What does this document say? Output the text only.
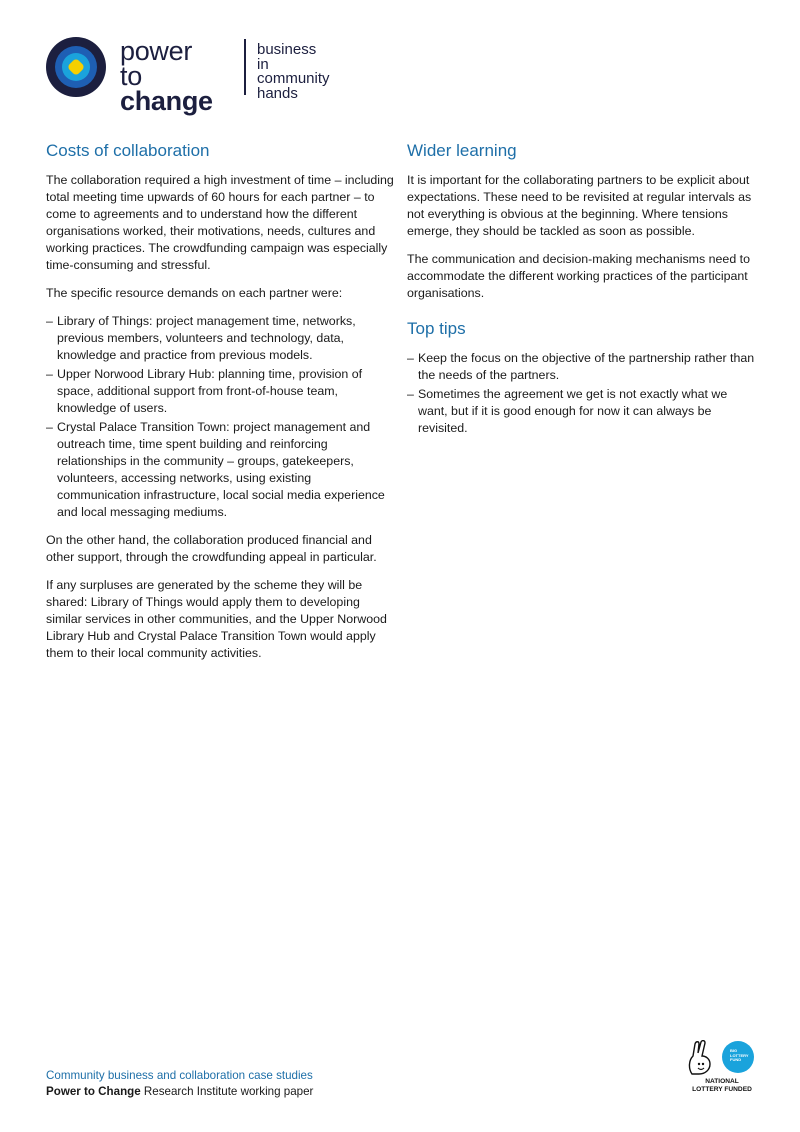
power to
change
business in
community
hands
Costs of collaboration

The collaboration required a high investment of time – including total meeting time upwards of 60 hours for each partner – to come to agreements and to understand how the different organisations worked, their motivations, needs, cultures and working practices. The crowdfunding campaign was especially time-consuming and stressful.

The specific resource demands on each partner were:

– Library of Things: project management time, networks, previous members, volunteers and technology, data, knowledge and practice from previous models.
– Upper Norwood Library Hub: planning time, provision of space, additional support from front-of-house team, knowledge of users.
– Crystal Palace Transition Town: project management and outreach time, time spent building and reinforcing relationships in the community – groups, gatekeepers, volunteers, accessing networks, using existing communication infrastructure, local social media experience and local messaging mediums.

On the other hand, the collaboration produced financial and other support, through the crowdfunding appeal in particular.

If any surpluses are generated by the scheme they will be shared: Library of Things would apply them to developing similar services in other communities, and the Upper Norwood Library Hub and Crystal Palace Transition Town would apply them to their local community activities.

Wider learning

It is important for the collaborating partners to be explicit about expectations. These need to be revisited at regular intervals as not everything is obvious at the beginning. Where tensions emerge, they should be tackled as soon as possible.

The communication and decision-making mechanisms need to accommodate the different working practices of the participant organisations.

Top tips
– Keep the focus on the objective of the partnership rather than the needs of the partners.
– Sometimes the agreement we get is not exactly what we want, but if it is good enough for now it can always be revisited.
Community business and collaboration case studies
Power to Change Research Institute working paper
BIG LOTTERY FUND
NATIONAL
LOTTERY FUNDED
